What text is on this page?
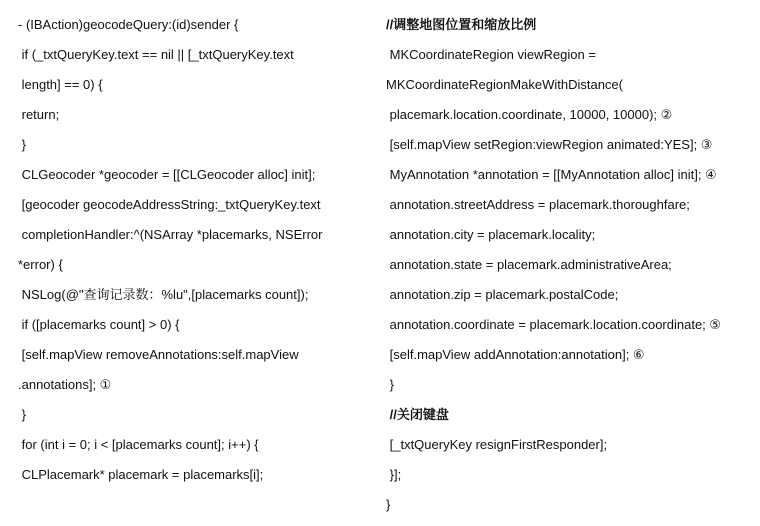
- (IBAction)geocodeQuery:(id)sender {
if (_txtQueryKey.text == nil || [_txtQueryKey.text
length] == 0) {
return;
}
CLGeocoder *geocoder = [[CLGeocoder alloc] init];
[geocoder geocodeAddressString:_txtQueryKey.text
completionHandler:^(NSArray *placemarks, NSError
*error) {
NSLog(@"查询记录数：%lu",[placemarks count]);
if ([placemarks count] > 0) {
[self.mapView removeAnnotations:self.mapView
.annotations]; ①
}
for (int i = 0; i < [placemarks count]; i++) {
CLPlacemark* placemark = placemarks[i];
//调整地图位置和缩放比例
MKCoordinateRegion viewRegion =
MKCoordinateRegionMakeWithDistance(
placemark.location.coordinate, 10000, 10000); ②
[self.mapView setRegion:viewRegion animated:YES]; ③
MyAnnotation *annotation = [[MyAnnotation alloc] init]; ④
annotation.streetAddress = placemark.thoroughfare;
annotation.city = placemark.locality;
annotation.state = placemark.administrativeArea;
annotation.zip = placemark.postalCode;
annotation.coordinate = placemark.location.coordinate; ⑤
[self.mapView addAnnotation:annotation]; ⑥
}
//关闭键盘
[_txtQueryKey resignFirstResponder];
}];
}
